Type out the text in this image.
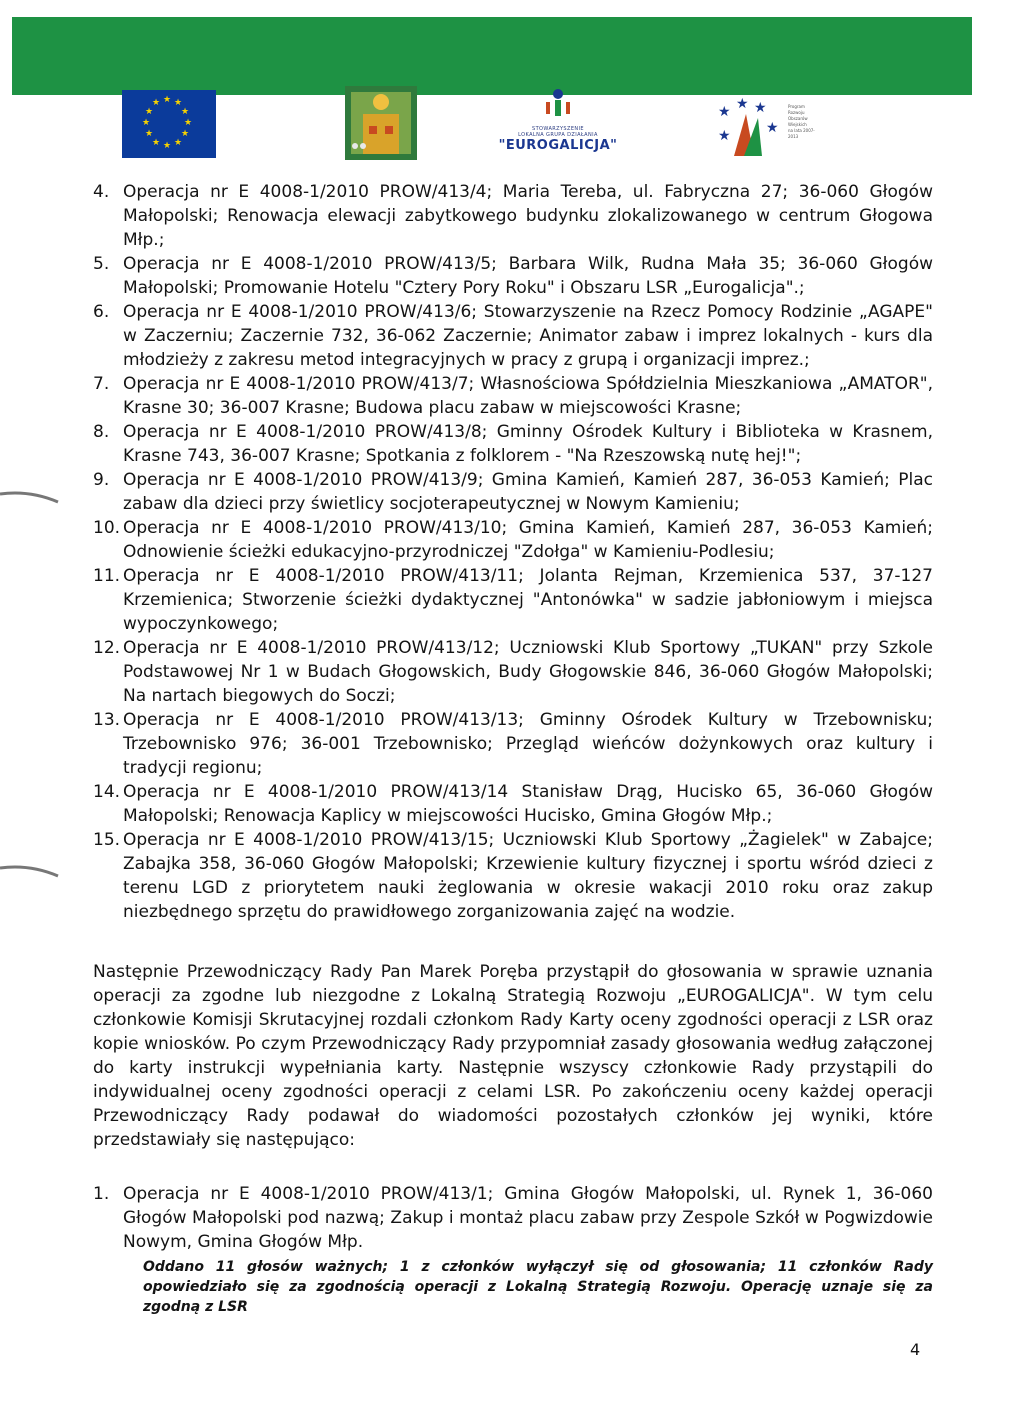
★ ★
★
★
★
★
★
★
★
★
★
★
STOWARZYSZENIE
LOKALNA GRUPA DZIAŁANIA
"EUROGALICJA"
★ ★ ★
★	★
Program
Rozwoju
Obszarów
Wiejskich
na lata 2007-2013
4. Operacja nr E 4008-1/2010 PROW/413/4; Maria Tereba, ul. Fabryczna 27; 36-060 Głogów Małopolski; Renowacja elewacji zabytkowego budynku zlokalizowanego w centrum Głogowa Młp.;
5. Operacja nr E 4008-1/2010 PROW/413/5; Barbara Wilk, Rudna Mała 35; 36-060 Głogów Małopolski; Promowanie Hotelu "Cztery Pory Roku" i Obszaru LSR „Eurogalicja".;
6. Operacja nr E 4008-1/2010 PROW/413/6; Stowarzyszenie na Rzecz Pomocy Rodzinie „AGAPE" w Zaczerniu; Zaczernie 732, 36-062 Zaczernie; Animator zabaw i imprez lokalnych - kurs dla młodzieży z zakresu metod integracyjnych w pracy z grupą i organizacji imprez.;
7. Operacja nr E 4008-1/2010 PROW/413/7; Własnościowa Spółdzielnia Mieszkaniowa „AMATOR", Krasne 30; 36-007 Krasne; Budowa placu zabaw w miejscowości Krasne;
8. Operacja nr E 4008-1/2010 PROW/413/8; Gminny Ośrodek Kultury i Biblioteka w Krasnem, Krasne 743, 36-007 Krasne; Spotkania z folklorem - "Na Rzeszowską nutę hej!";
9. Operacja nr E 4008-1/2010 PROW/413/9; Gmina Kamień, Kamień 287, 36-053 Kamień; Plac zabaw dla dzieci przy świetlicy socjoterapeutycznej w Nowym Kamieniu;
10. Operacja nr E 4008-1/2010 PROW/413/10; Gmina Kamień, Kamień 287, 36-053 Kamień; Odnowienie ścieżki edukacyjno-przyrodniczej "Zdołga" w Kamieniu-Podlesiu;
11. Operacja nr E 4008-1/2010 PROW/413/11; Jolanta Rejman, Krzemienica 537, 37-127 Krzemienica; Stworzenie ścieżki dydaktycznej "Antonówka" w sadzie jabłoniowym i miejsca wypoczynkowego;
12. Operacja nr E 4008-1/2010 PROW/413/12; Uczniowski Klub Sportowy „TUKAN" przy Szkole Podstawowej Nr 1 w Budach Głogowskich, Budy Głogowskie 846, 36-060 Głogów Małopolski; Na nartach biegowych do Soczi;
13. Operacja nr E 4008-1/2010 PROW/413/13; Gminny Ośrodek Kultury w Trzebownisku; Trzebownisko 976; 36-001 Trzebownisko; Przegląd wieńców dożynkowych oraz kultury i tradycji regionu;
14. Operacja nr E 4008-1/2010 PROW/413/14 Stanisław Drąg, Hucisko 65, 36-060 Głogów Małopolski; Renowacja Kaplicy w miejscowości Hucisko, Gmina Głogów Młp.;
15. Operacja nr E 4008-1/2010 PROW/413/15; Uczniowski Klub Sportowy „Żagielek" w Zabajce; Zabajka 358, 36-060 Głogów Małopolski; Krzewienie kultury fizycznej i sportu wśród dzieci z terenu LGD z priorytetem nauki żeglowania w okresie wakacji 2010 roku oraz zakup niezbędnego sprzętu do prawidłowego zorganizowania zajęć na wodzie.

Następnie Przewodniczący Rady Pan Marek Poręba przystąpił do głosowania w sprawie uznania operacji za zgodne lub niezgodne z Lokalną Strategią Rozwoju „EUROGALICJA". W tym celu członkowie Komisji Skrutacyjnej rozdali członkom Rady Karty oceny zgodności operacji z LSR oraz kopie wniosków. Po czym Przewodniczący Rady przypomniał zasady głosowania według załączonej do karty instrukcji wypełniania karty. Następnie wszyscy członkowie Rady przystąpili do indywidualnej oceny zgodności operacji z celami LSR. Po zakończeniu oceny każdej operacji Przewodniczący Rady podawał do wiadomości pozostałych członków jej wyniki, które przedstawiały się następująco:

1. Operacja nr E 4008-1/2010 PROW/413/1; Gmina Głogów Małopolski, ul. Rynek 1, 36-060 Głogów Małopolski pod nazwą; Zakup i montaż placu zabaw przy Zespole Szkół w Pogwizdowie Nowym, Gmina Głogów Młp.
Oddano 11 głosów ważnych; 1 z członków wyłączył się od głosowania; 11 członków Rady opowiedziało się za zgodnością operacji z Lokalną Strategią Rozwoju. Operację uznaje się za zgodną z LSR
4
